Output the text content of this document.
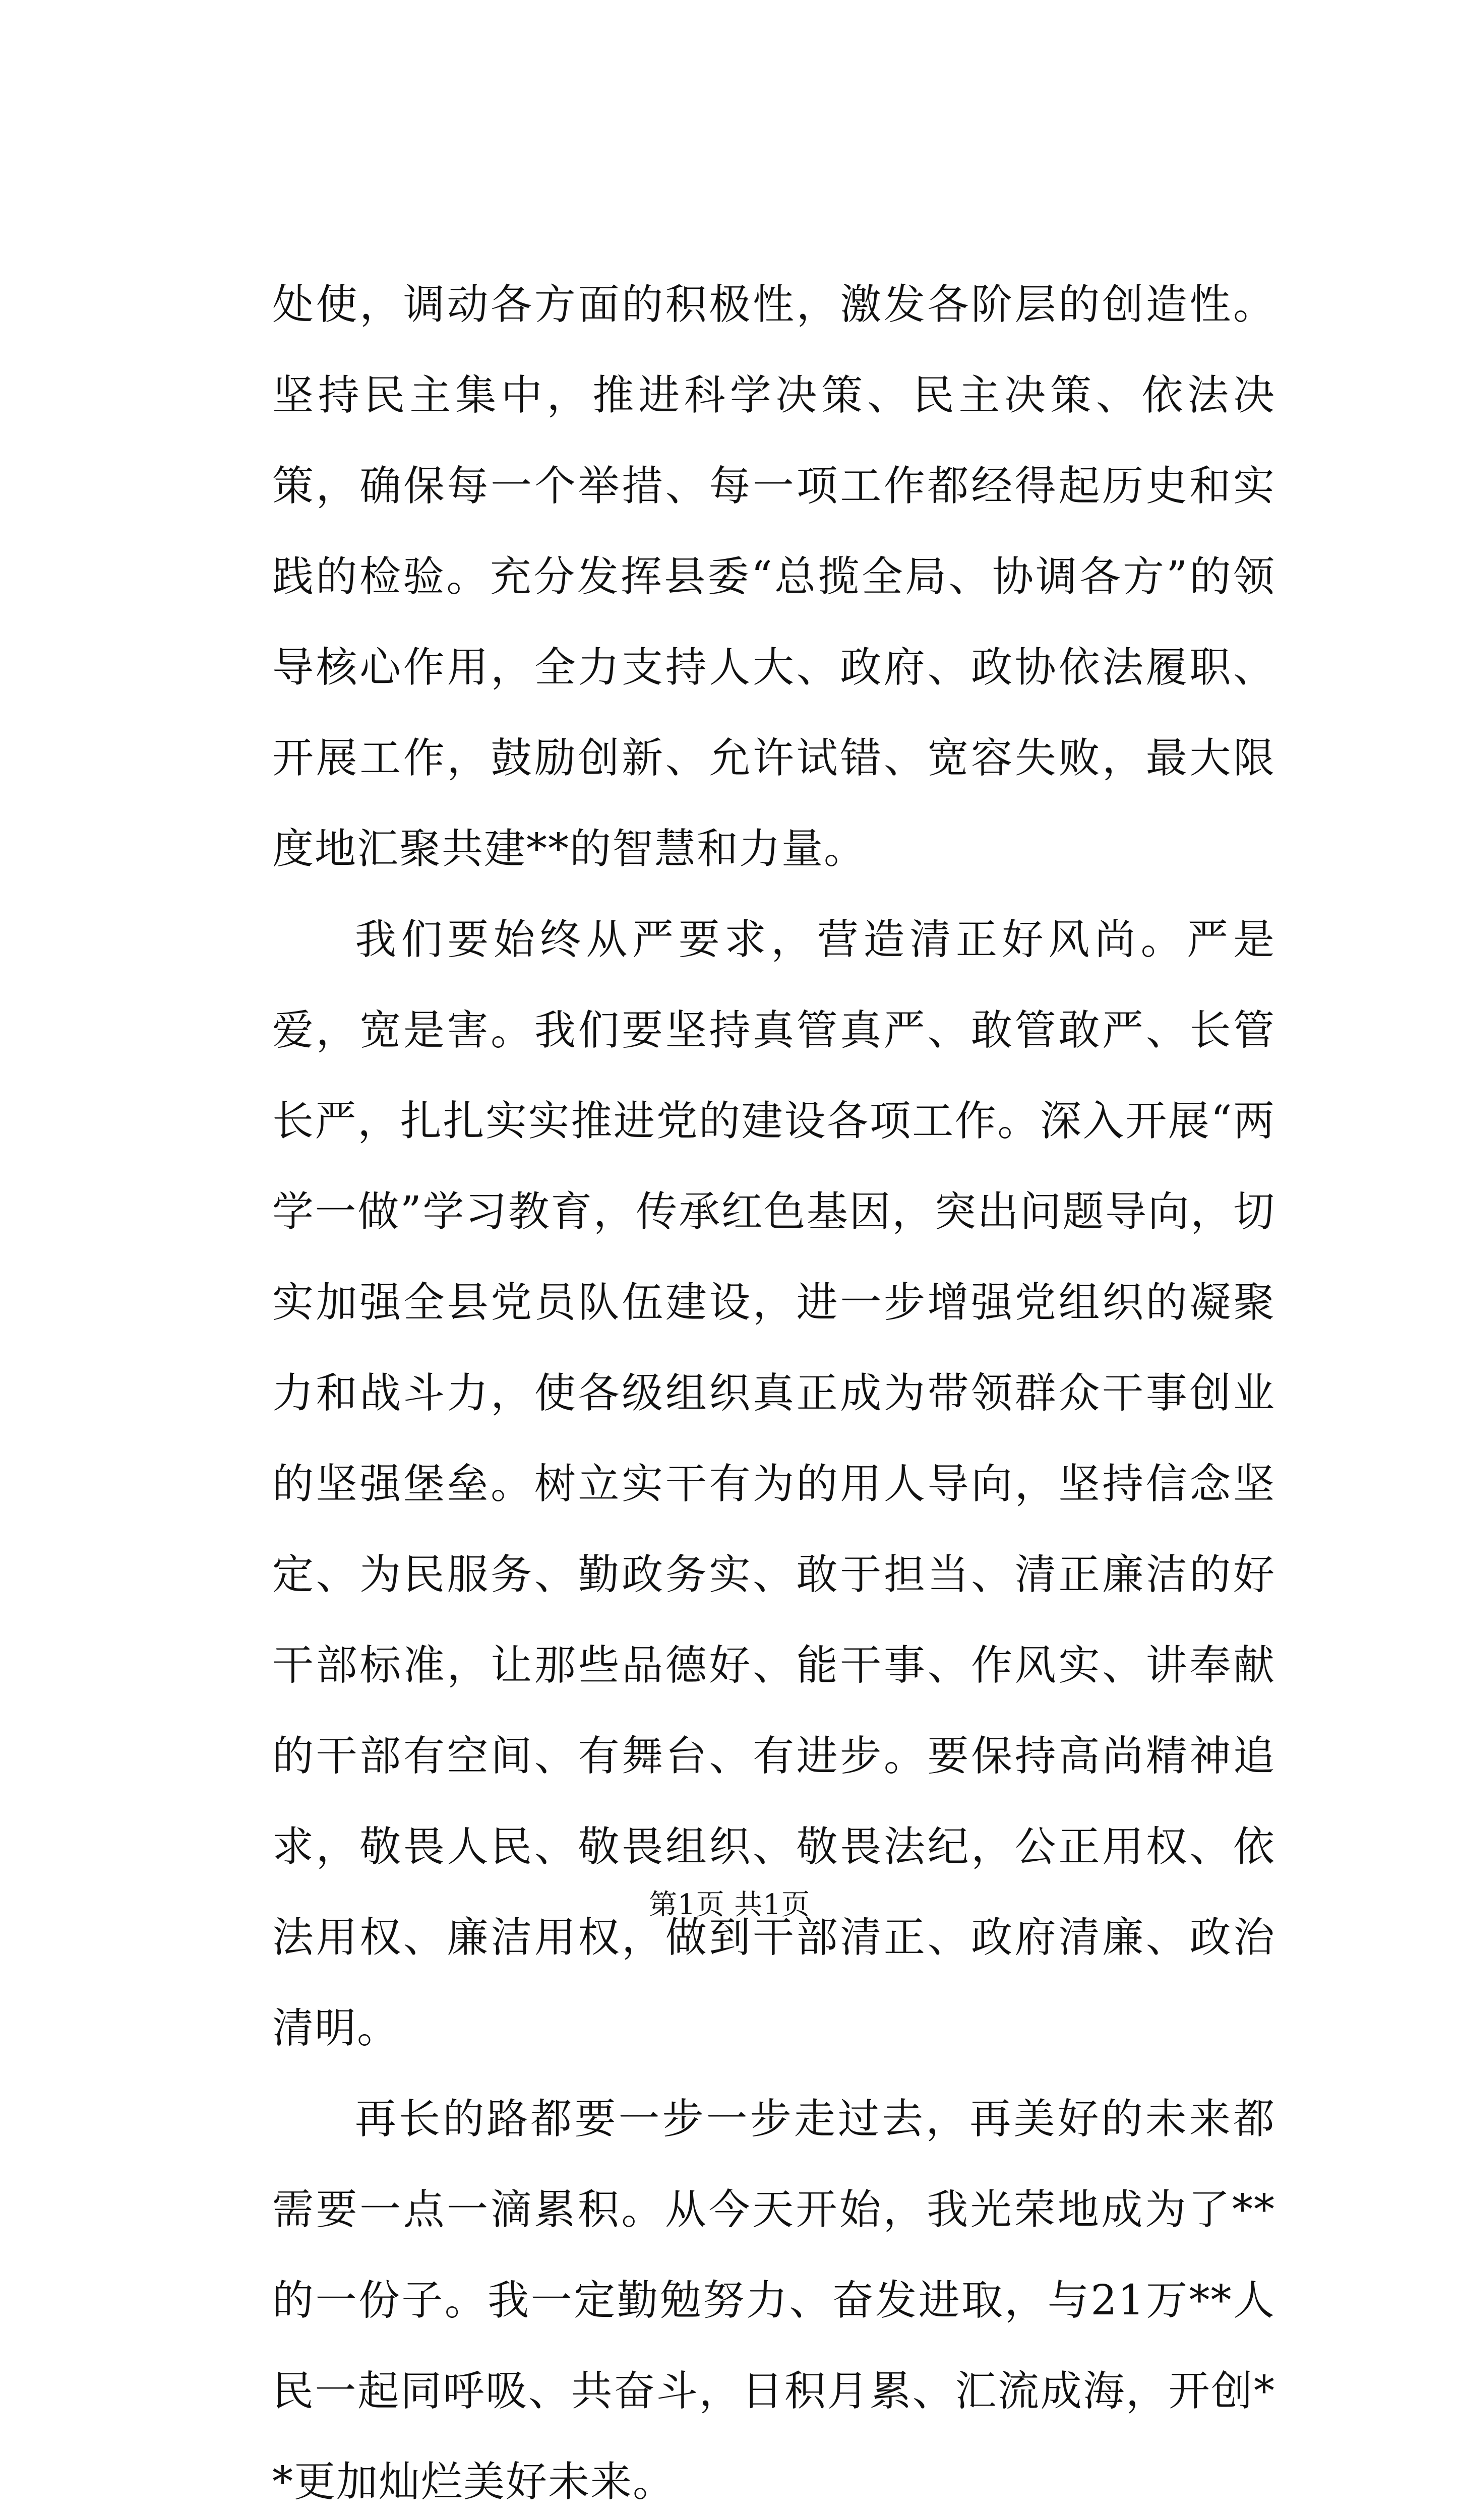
处使，调动各方面的积极性，激发各阶层的创造性。坚持民主集中，推进科学决策、民主决策、依法决策，确保每一个举措、每一项工作都经得起历史和实践的检验。充分发挥县委“总揽全局、协调各方”的领导核心作用，全力支持人大、政府、政协依法履职、开展工作，鼓励创新、允许试错、宽容失败，最大限度地汇聚共建**的智慧和力量。

我们要始终从严要求，营造清正好风尚。严是爱，宽是害。我们要坚持真管真严、敢管敢严、长管长严，扎扎实实推进党的建设各项工作。深入开展“两学一做”学习教育，传承红色基因，突出问题导向，切实加强全县党员队伍建设，进一步增强党组织的凝聚力和战斗力，使各级组织真正成为带领群众干事创业的坚强堡垒。树立实干有为的用人导向，坚持信念坚定、为民服务、勤政务实、敢于担当、清正廉洁的好干部标准，让那些品德好、能干事、作风实、讲奉献的干部有空间、有舞台、有进步。要保持高尚精神追求，敬畏人民、敬畏组织、敬畏法纪，公正用权、依法用权、廉洁用权，做到干部清正、政府清廉、政治清明。

再长的路都要一步一步走过去，再美好的未来都需要一点一滴累积。从今天开始，我光荣地成为了**的一份子。我一定勤勉努力、奋发进取，与21万**人民一起同呼吸、共奋斗，日积月累、汇流成海，开创**更加灿烂美好未来。

第1页 共1页
